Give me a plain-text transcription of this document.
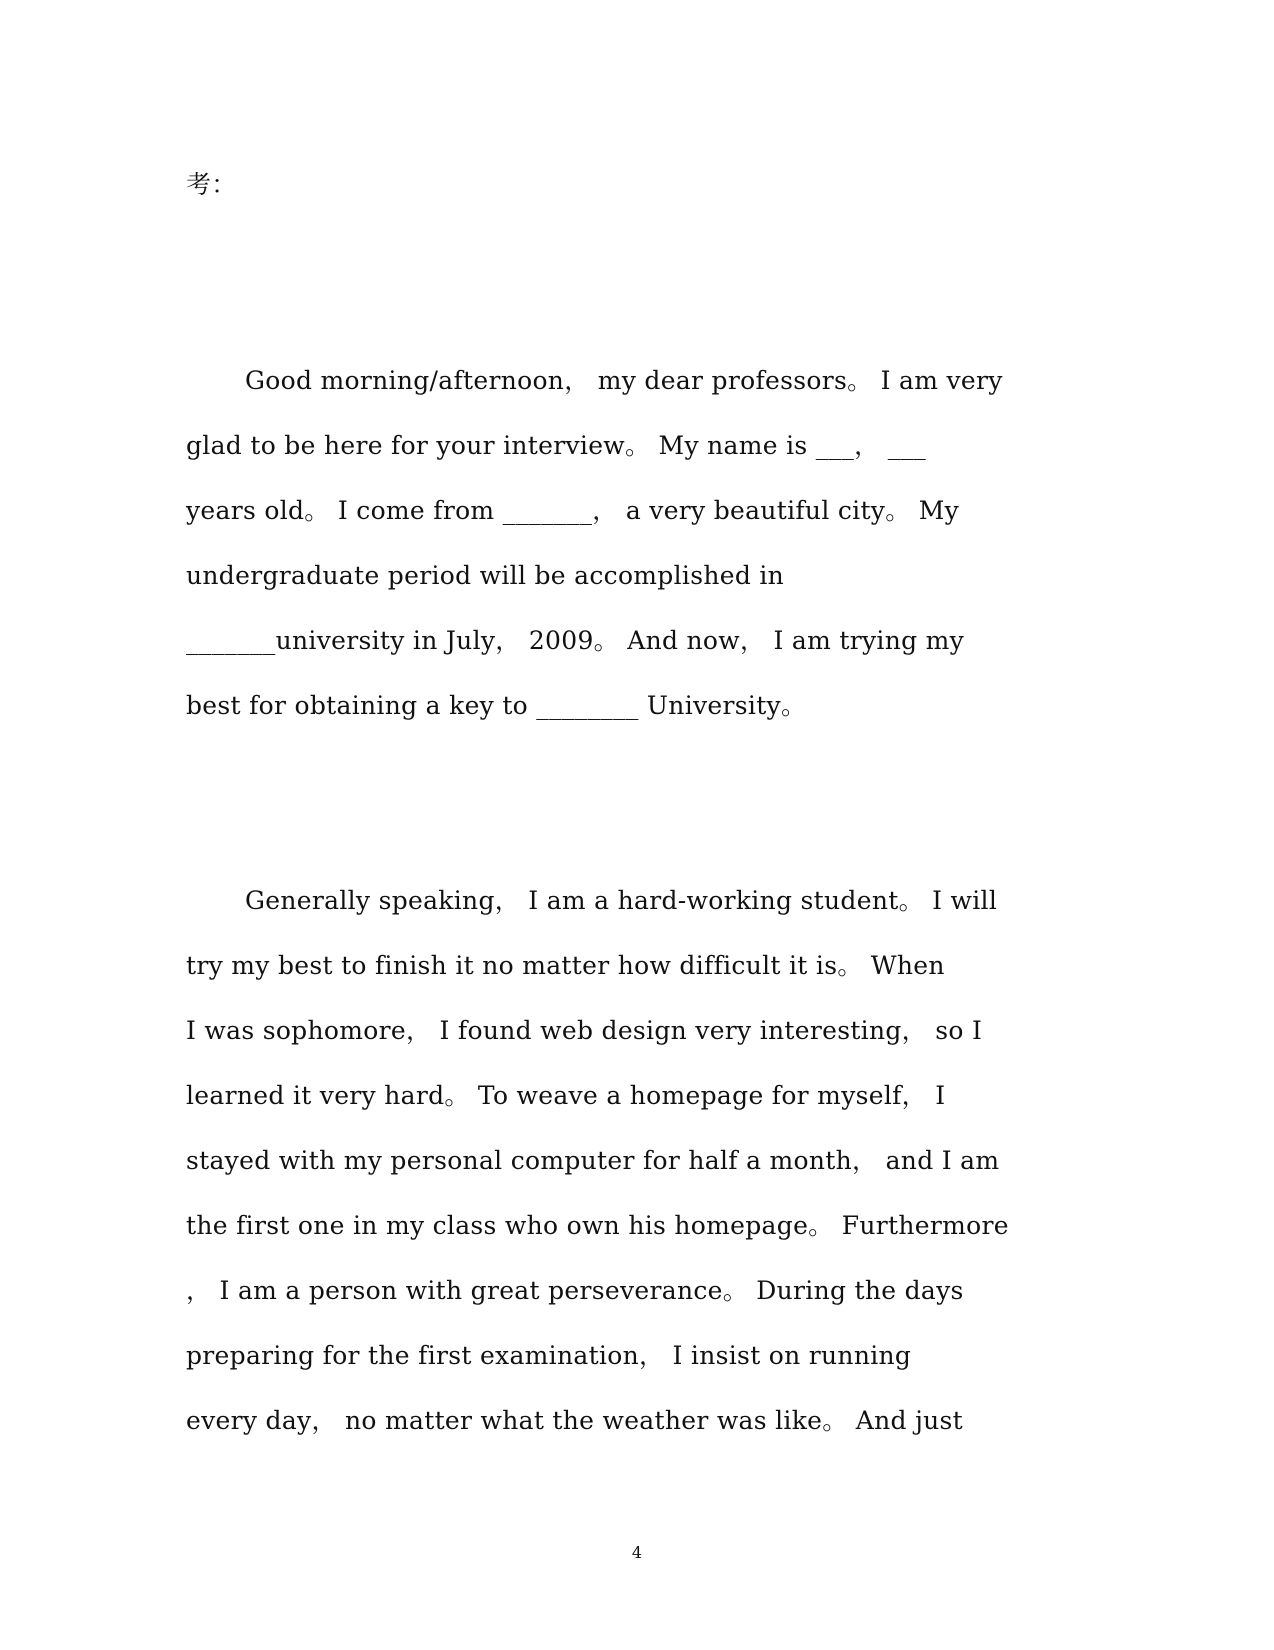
考：
Good morning/afternoon， my dear professors。 I am very
glad to be here for your interview。 My name is ___， ___
years old。 I come from _______， a very beautiful city。 My
undergraduate period will be accomplished in
_______university in July， 2009。 And now， I am trying my
best for obtaining a key to ________ University。
Generally speaking， I am a hard-working student。 I will
try my best to finish it no matter how difficult it is。 When
I was sophomore， I found web design very interesting， so I
learned it very hard。 To weave a homepage for myself， I
stayed with my personal computer for half a month， and I am
the first one in my class who own his homepage。 Furthermore
， I am a person with great perseverance。 During the days
preparing for the first examination， I insist on running
every day， no matter what the weather was like。 And just
4
